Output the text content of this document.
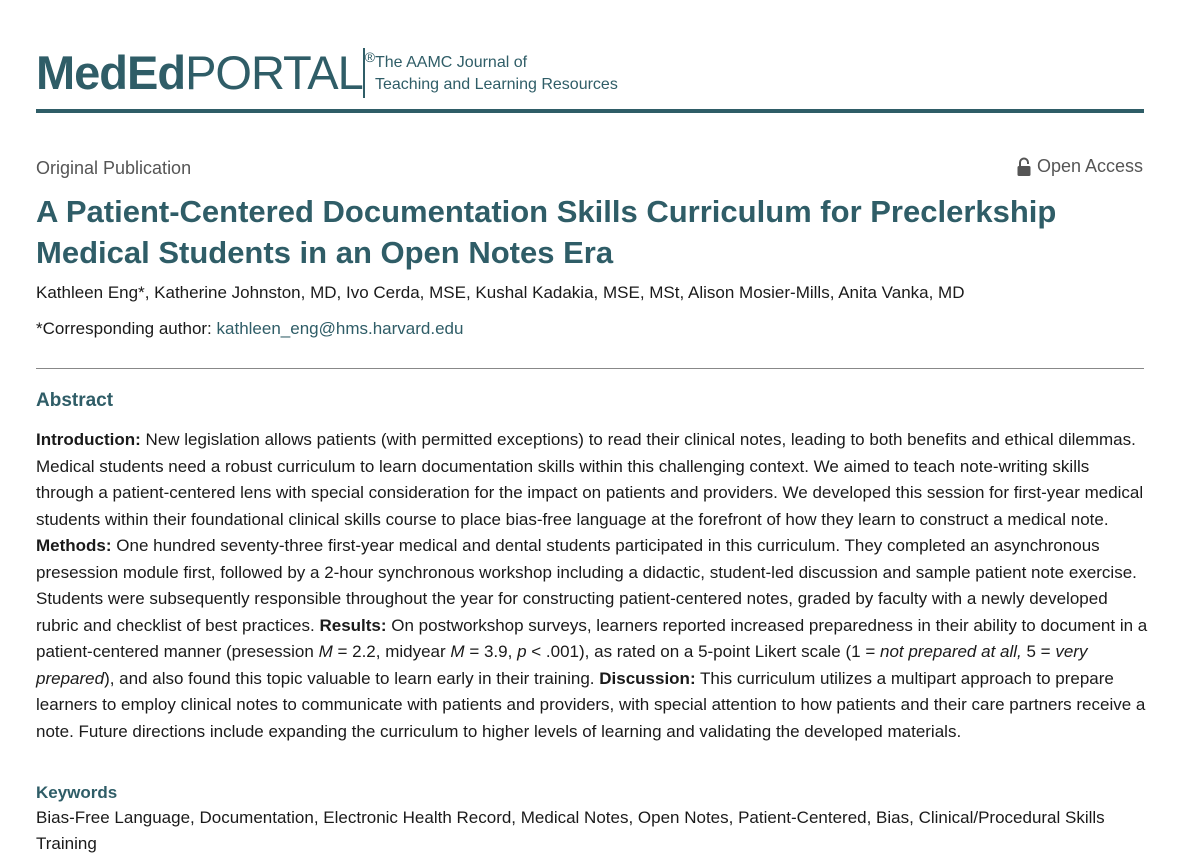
MedEdPORTAL ® The AAMC Journal of
Teaching and Learning Resources
Original Publication	Open Access
A Patient-Centered Documentation Skills Curriculum for Preclerkship Medical Students in an Open Notes Era
Kathleen Eng*, Katherine Johnston, MD, Ivo Cerda, MSE, Kushal Kadakia, MSE, MSt, Alison Mosier-Mills, Anita Vanka, MD
*Corresponding author: kathleen_eng@hms.harvard.edu
Abstract

Introduction: New legislation allows patients (with permitted exceptions) to read their clinical notes, leading to both benefits and ethical dilemmas. Medical students need a robust curriculum to learn documentation skills within this challenging context. We aimed to teach note-writing skills through a patient-centered lens with special consideration for the impact on patients and providers. We developed this session for first-year medical students within their foundational clinical skills course to place bias-free language at the forefront of how they learn to construct a medical note. Methods: One hundred seventy-three first-year medical and dental students participated in this curriculum. They completed an asynchronous presession module first, followed by a 2-hour synchronous workshop including a didactic, student-led discussion and sample patient note exercise. Students were subsequently responsible throughout the year for constructing patient-centered notes, graded by faculty with a newly developed rubric and checklist of best practices. Results: On postworkshop surveys, learners reported increased preparedness in their ability to document in a patient-centered manner (presession M = 2.2, midyear M = 3.9, p < .001), as rated on a 5-point Likert scale (1 = not prepared at all, 5 = very prepared), and also found this topic valuable to learn early in their training. Discussion: This curriculum utilizes a multipart approach to prepare learners to employ clinical notes to communicate with patients and providers, with special attention to how patients and their care partners receive a note. Future directions include expanding the curriculum to higher levels of learning and validating the developed materials.

Keywords
Bias-Free Language, Documentation, Electronic Health Record, Medical Notes, Open Notes, Patient-Centered, Bias, Clinical/Procedural Skills Training
